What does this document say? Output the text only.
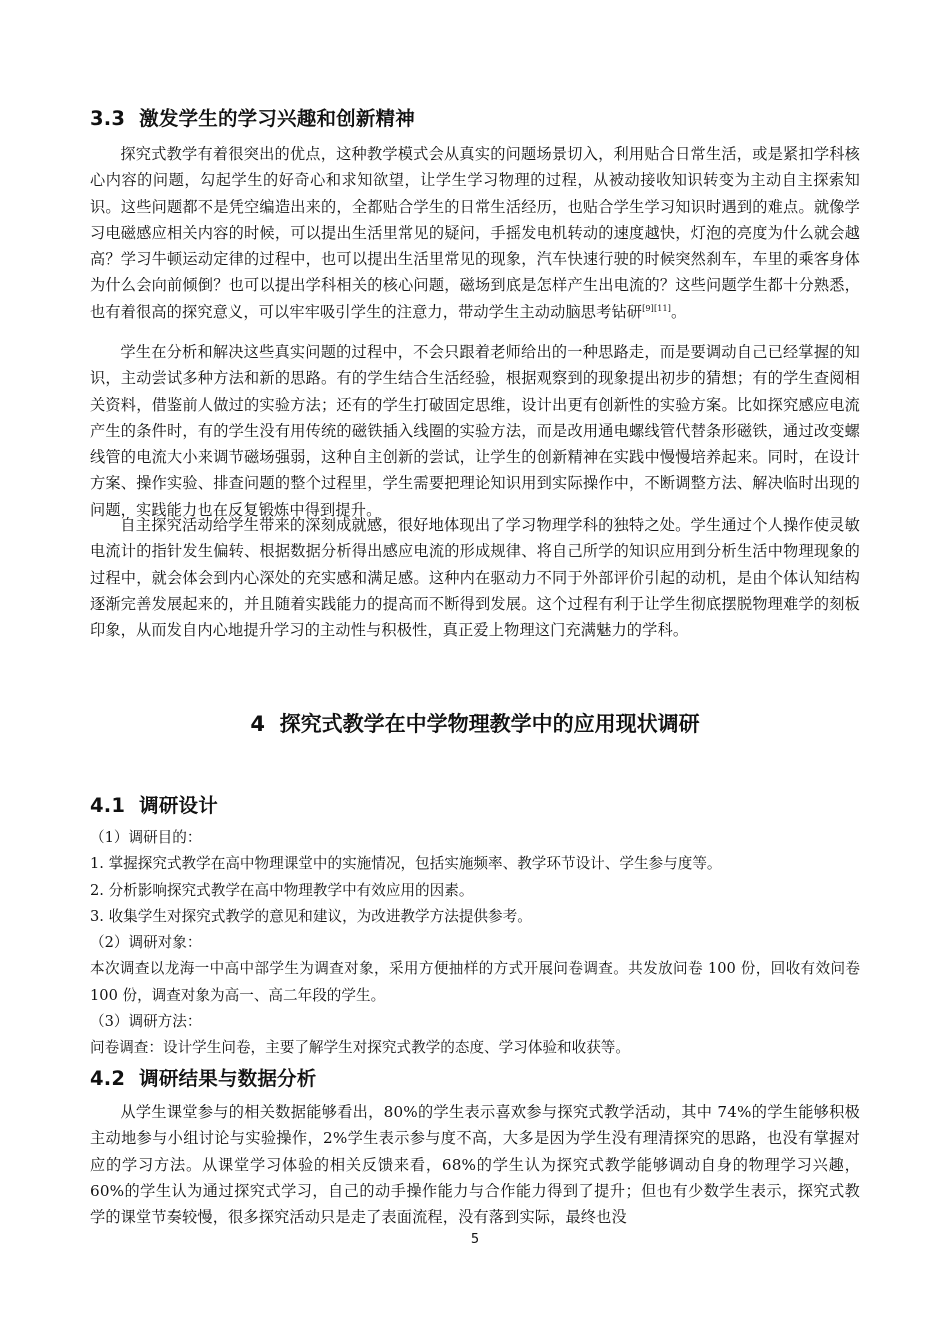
3.3 激发学生的学习兴趣和创新精神

探究式教学有着很突出的优点，这种教学模式会从真实的问题场景切入，利用贴合日常生活，或是紧扣学科核心内容的问题，勾起学生的好奇心和求知欲望，让学生学习物理的过程，从被动接收知识转变为主动自主探索知识。这些问题都不是凭空编造出来的，全都贴合学生的日常生活经历，也贴合学生学习知识时遇到的难点。就像学习电磁感应相关内容的时候，可以提出生活里常见的疑问，手摇发电机转动的速度越快，灯泡的亮度为什么就会越高？学习牛顿运动定律的过程中，也可以提出生活里常见的现象，汽车快速行驶的时候突然刹车，车里的乘客身体为什么会向前倾倒？也可以提出学科相关的核心问题，磁场到底是怎样产生出电流的？这些问题学生都十分熟悉，也有着很高的探究意义，可以牢牢吸引学生的注意力，带动学生主动动脑思考钻研[9][11]。

学生在分析和解决这些真实问题的过程中，不会只跟着老师给出的一种思路走，而是要调动自己已经掌握的知识，主动尝试多种方法和新的思路。有的学生结合生活经验，根据观察到的现象提出初步的猜想；有的学生查阅相关资料，借鉴前人做过的实验方法；还有的学生打破固定思维，设计出更有创新性的实验方案。比如探究感应电流产生的条件时，有的学生没有用传统的磁铁插入线圈的实验方法，而是改用通电螺线管代替条形磁铁，通过改变螺线管的电流大小来调节磁场强弱，这种自主创新的尝试，让学生的创新精神在实践中慢慢培养起来。同时，在设计方案、操作实验、排查问题的整个过程里，学生需要把理论知识用到实际操作中，不断调整方法、解决临时出现的问题，实践能力也在反复锻炼中得到提升。

自主探究活动给学生带来的深刻成就感，很好地体现出了学习物理学科的独特之处。学生通过个人操作使灵敏电流计的指针发生偏转、根据数据分析得出感应电流的形成规律、将自己所学的知识应用到分析生活中物理现象的过程中，就会体会到内心深处的充实感和满足感。这种内在驱动力不同于外部评价引起的动机，是由个体认知结构逐渐完善发展起来的，并且随着实践能力的提高而不断得到发展。这个过程有利于让学生彻底摆脱物理难学的刻板印象，从而发自内心地提升学习的主动性与积极性，真正爱上物理这门充满魅力的学科。

4 探究式教学在中学物理教学中的应用现状调研
4.1 调研设计
（1）调研目的：
1. 掌握探究式教学在高中物理课堂中的实施情况，包括实施频率、教学环节设计、学生参与度等。
2. 分析影响探究式教学在高中物理教学中有效应用的因素。
3. 收集学生对探究式教学的意见和建议，为改进教学方法提供参考。
（2）调研对象：
本次调查以龙海一中高中部学生为调查对象，采用方便抽样的方式开展问卷调查。共发放问卷 100 份，回收有效问卷 100 份，调查对象为高一、高二年段的学生。
（3）调研方法：
问卷调查：设计学生问卷，主要了解学生对探究式教学的态度、学习体验和收获等。
4.2 调研结果与数据分析

从学生课堂参与的相关数据能够看出，80%的学生表示喜欢参与探究式教学活动，其中 74%的学生能够积极主动地参与小组讨论与实验操作，2%学生表示参与度不高，大多是因为学生没有理清探究的思路，也没有掌握对应的学习方法。从课堂学习体验的相关反馈来看，68%的学生认为探究式教学能够调动自身的物理学习兴趣，60%的学生认为通过探究式学习，自己的动手操作能力与合作能力得到了提升；但也有少数学生表示，探究式教学的课堂节奏较慢，很多探究活动只是走了表面流程，没有落到实际，最终也没

5
